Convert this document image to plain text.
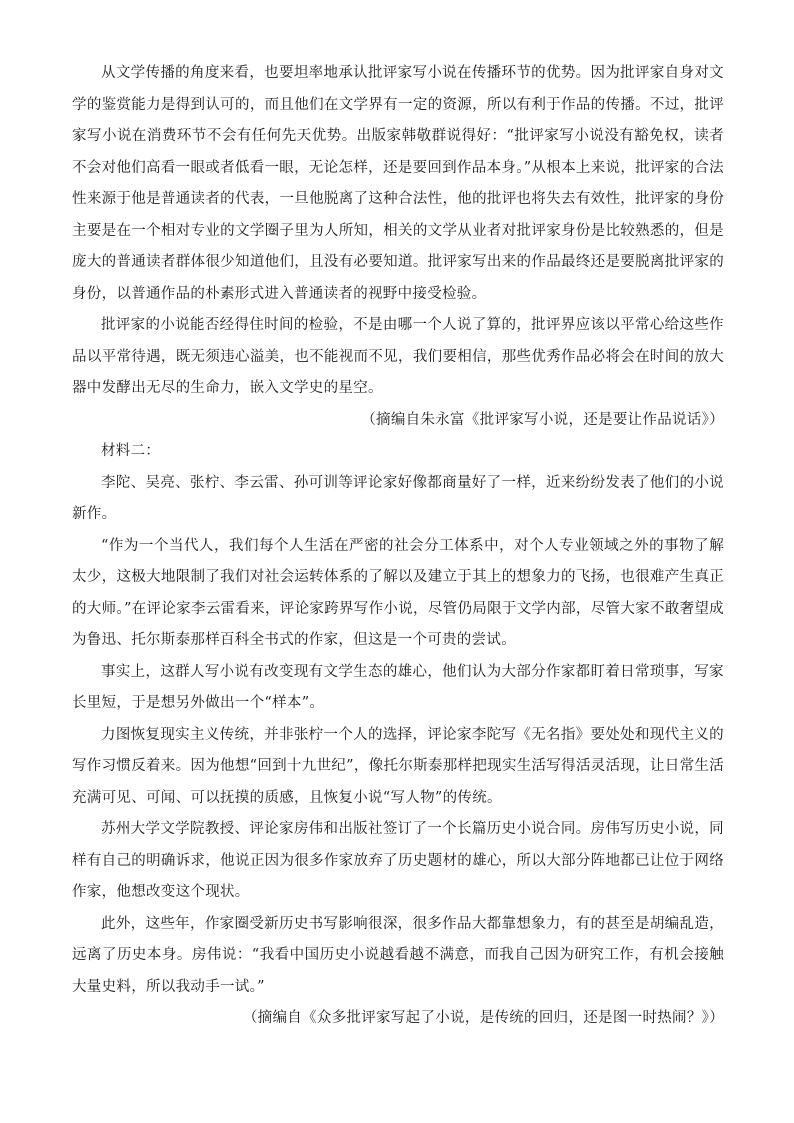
从文学传播的角度来看，也要坦率地承认批评家写小说在传播环节的优势。因为批评家自身对文学的鉴赏能力是得到认可的，而且他们在文学界有一定的资源，所以有利于作品的传播。不过，批评家写小说在消费环节不会有任何先天优势。出版家韩敬群说得好：“批评家写小说没有豁免权，读者不会对他们高看一眼或者低看一眼，无论怎样，还是要回到作品本身。”从根本上来说，批评家的合法性来源于他是普通读者的代表，一旦他脱离了这种合法性，他的批评也将失去有效性，批评家的身份主要是在一个相对专业的文学圈子里为人所知，相关的文学从业者对批评家身份是比较熟悉的，但是庞大的普通读者群体很少知道他们，且没有必要知道。批评家写出来的作品最终还是要脱离批评家的身份，以普通作品的朴素形式进入普通读者的视野中接受检验。

批评家的小说能否经得住时间的检验，不是由哪一个人说了算的，批评界应该以平常心给这些作品以平常待遇，既无须违心溢美，也不能视而不见，我们要相信，那些优秀作品必将会在时间的放大器中发酵出无尽的生命力，嵌入文学史的星空。

（摘编自朱永富《批评家写小说，还是要让作品说话》）

材料二：

李陀、吴亮、张柠、李云雷、孙可训等评论家好像都商量好了一样，近来纷纷发表了他们的小说新作。

“作为一个当代人，我们每个人生活在严密的社会分工体系中，对个人专业领域之外的事物了解太少，这极大地限制了我们对社会运转体系的了解以及建立于其上的想象力的飞扬，也很难产生真正的大师。”在评论家李云雷看来，评论家跨界写作小说，尽管仍局限于文学内部，尽管大家不敢奢望成为鲁迅、托尔斯泰那样百科全书式的作家，但这是一个可贵的尝试。

事实上，这群人写小说有改变现有文学生态的雄心，他们认为大部分作家都盯着日常琐事，写家长里短，于是想另外做出一个“样本”。

力图恢复现实主义传统，并非张柠一个人的选择，评论家李陀写《无名指》要处处和现代主义的写作习惯反着来。因为他想“回到十九世纪”，像托尔斯泰那样把现实生活写得活灵活现，让日常生活充满可见、可闻、可以抚摸的质感，且恢复小说“写人物”的传统。

苏州大学文学院教授、评论家房伟和出版社签订了一个长篇历史小说合同。房伟写历史小说，同样有自己的明确诉求，他说正因为很多作家放弃了历史题材的雄心，所以大部分阵地都已让位于网络作家，他想改变这个现状。

此外，这些年，作家圈受新历史书写影响很深，很多作品大都靠想象力，有的甚至是胡编乱造，远离了历史本身。房伟说：“我看中国历史小说越看越不满意，而我自己因为研究工作，有机会接触大量史料，所以我动手一试。”

（摘编自《众多批评家写起了小说，是传统的回归，还是图一时热闹？》）
